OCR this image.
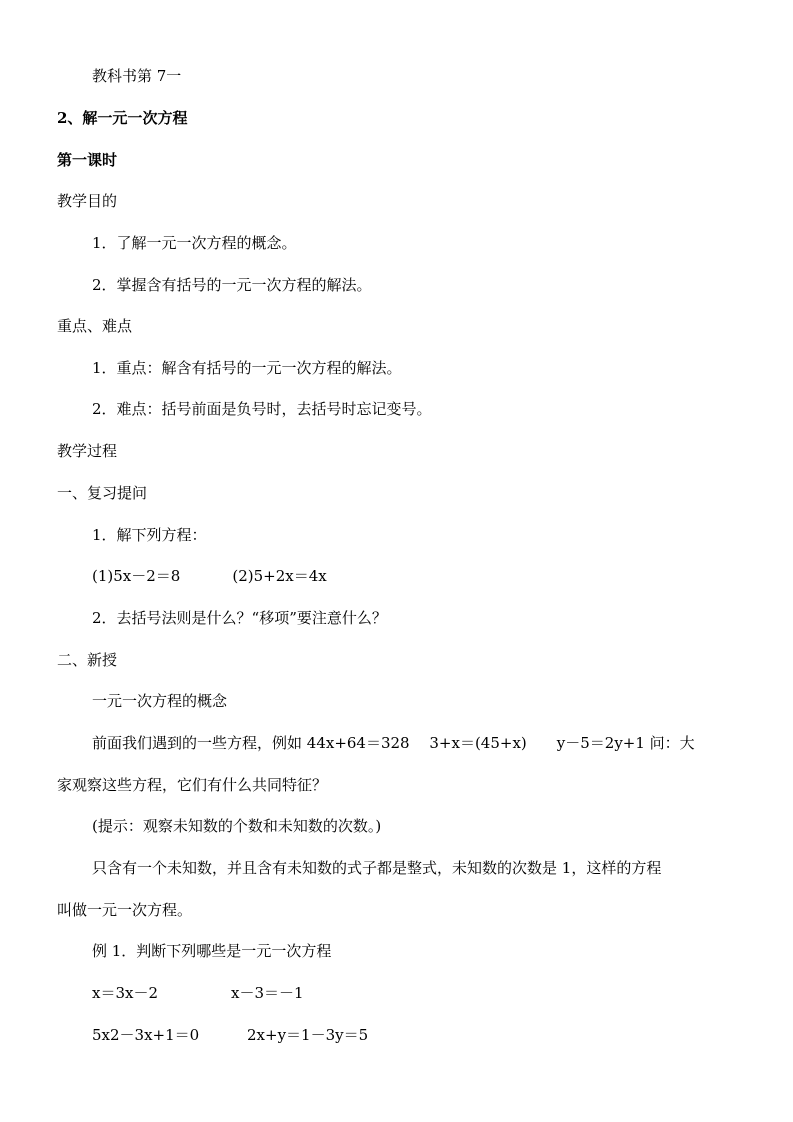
教科书第 7一
2、解一元一次方程
第一课时
教学目的
1．了解一元一次方程的概念。
2．掌握含有括号的一元一次方程的解法。
重点、难点
1．重点：解含有括号的一元一次方程的解法。
2．难点：括号前面是负号时，去括号时忘记变号。
教学过程
一、复习提问
1．解下列方程：
(1)5x－2＝8	(2)5+2x＝4x
2．去括号法则是什么？“移项”要注意什么？
二、新授
一元一次方程的概念
前面我们遇到的一些方程，例如 44x+64＝328　 3+x＝(45+x)　　y－5＝2y+1 问：大
家观察这些方程，它们有什么共同特征？
(提示：观察未知数的个数和未知数的次数。)
只含有一个未知数，并且含有未知数的式子都是整式，未知数的次数是 1，这样的方程
叫做一元一次方程。
例 1．判断下列哪些是一元一次方程
x＝3x－2	x－3＝－1
5x2－3x+1＝0	2x+y＝1－3y＝5
